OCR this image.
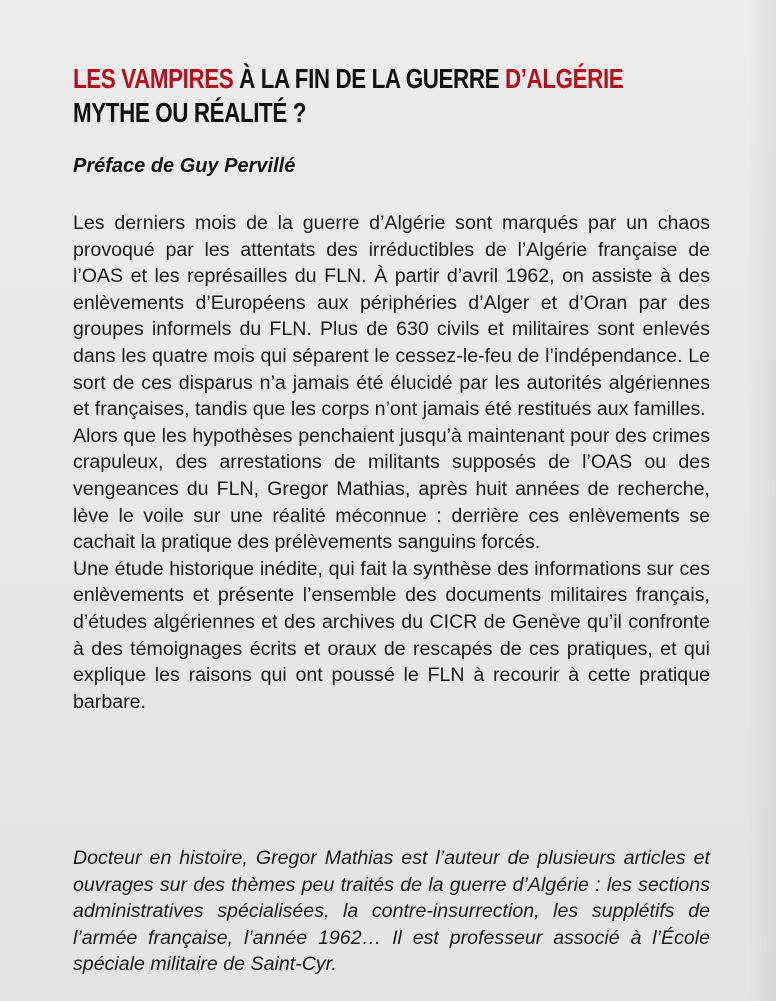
LES VAMPIRES À LA FIN DE LA GUERRE D’ALGÉRIE
MYTHE OU RÉALITÉ ?
Préface de Guy Pervillé

Les derniers mois de la guerre d’Algérie sont marqués par un chaos provoqué par les attentats des irréductibles de l’Algérie française de l’OAS et les représailles du FLN. À partir d’avril 1962, on assiste à des enlèvements d’Européens aux périphéries d’Alger et d’Oran par des groupes informels du FLN. Plus de 630 civils et militaires sont enlevés dans les quatre mois qui séparent le cessez-le-feu de l’indépendance. Le sort de ces disparus n’a jamais été élucidé par les autorités algériennes et françaises, tandis que les corps n’ont jamais été restitués aux familles.

Alors que les hypothèses penchaient jusqu’à maintenant pour des crimes crapuleux, des arrestations de militants supposés de l’OAS ou des vengeances du FLN, Gregor Mathias, après huit années de recherche, lève le voile sur une réalité méconnue : derrière ces enlèvements se cachait la pratique des prélèvements sanguins forcés.

Une étude historique inédite, qui fait la synthèse des informations sur ces enlèvements et présente l’ensemble des documents militaires français, d’études algériennes et des archives du CICR de Genève qu’il confronte à des témoignages écrits et oraux de rescapés de ces pratiques, et qui explique les raisons qui ont poussé le FLN à recourir à cette pratique barbare.

Docteur en histoire, Gregor Mathias est l’auteur de plusieurs articles et ouvrages sur des thèmes peu traités de la guerre d’Algérie : les sections administratives spécialisées, la contre-insurrection, les supplétifs de l’armée française, l’année 1962… Il est professeur associé à l’École spéciale militaire de Saint-Cyr.
